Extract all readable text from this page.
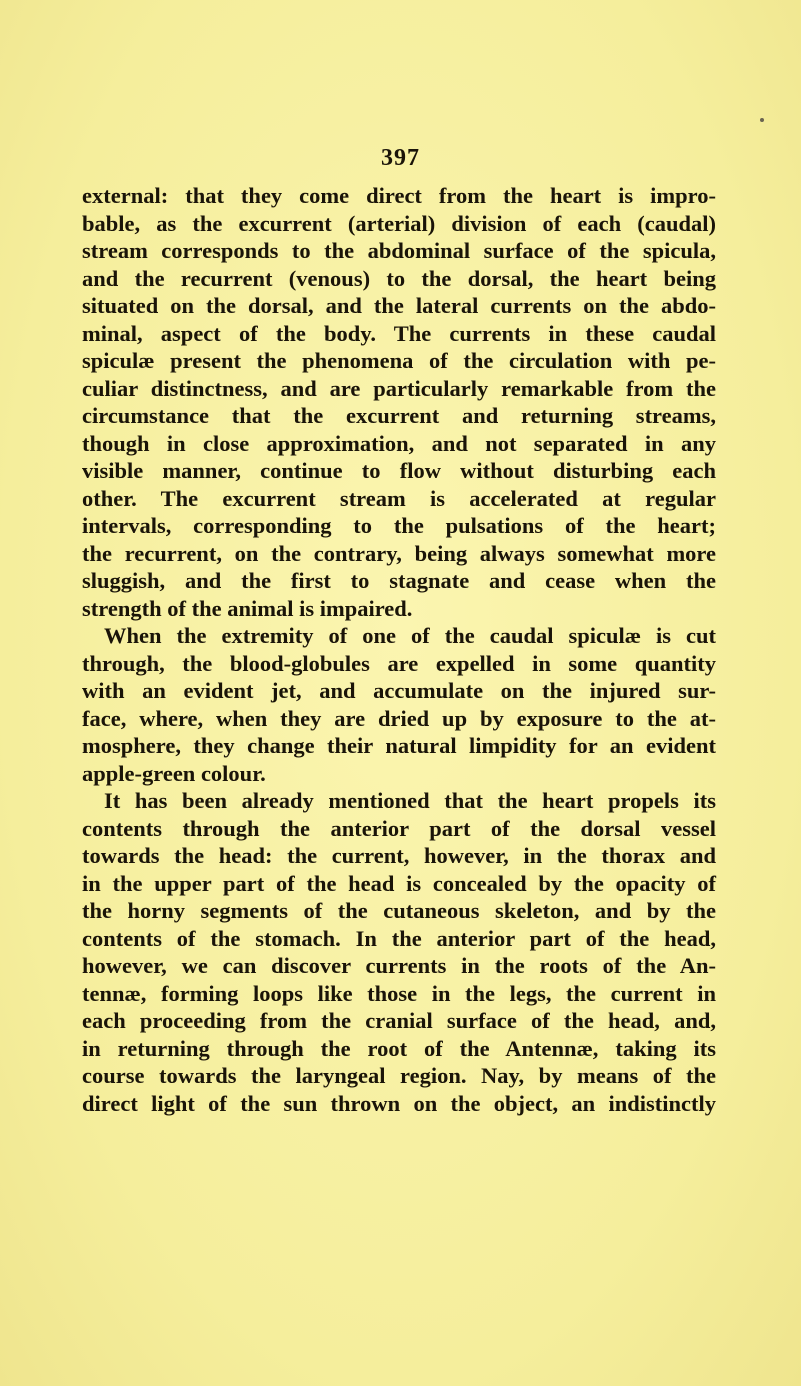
397
external: that they come direct from the heart is impro-
bable, as the excurrent (arterial) division of each (caudal)
stream corresponds to the abdominal surface of the spicula,
and the recurrent (venous) to the dorsal, the heart being
situated on the dorsal, and the lateral currents on the abdo-
minal, aspect of the body. The currents in these caudal
spiculæ present the phenomena of the circulation with pe-
culiar distinctness, and are particularly remarkable from the
circumstance that the excurrent and returning streams,
though in close approximation, and not separated in any
visible manner, continue to flow without disturbing each
other. The excurrent stream is accelerated at regular
intervals, corresponding to the pulsations of the heart;
the recurrent, on the contrary, being always somewhat more
sluggish, and the first to stagnate and cease when the
strength of the animal is impaired.
When the extremity of one of the caudal spiculæ is cut
through, the blood-globules are expelled in some quantity
with an evident jet, and accumulate on the injured sur-
face, where, when they are dried up by exposure to the at-
mosphere, they change their natural limpidity for an evident
apple-green colour.
It has been already mentioned that the heart propels its
contents through the anterior part of the dorsal vessel
towards the head: the current, however, in the thorax and
in the upper part of the head is concealed by the opacity of
the horny segments of the cutaneous skeleton, and by the
contents of the stomach. In the anterior part of the head,
however, we can discover currents in the roots of the An-
tennæ, forming loops like those in the legs, the current in
each proceeding from the cranial surface of the head, and,
in returning through the root of the Antennæ, taking its
course towards the laryngeal region. Nay, by means of the
direct light of the sun thrown on the object, an indistinctly
